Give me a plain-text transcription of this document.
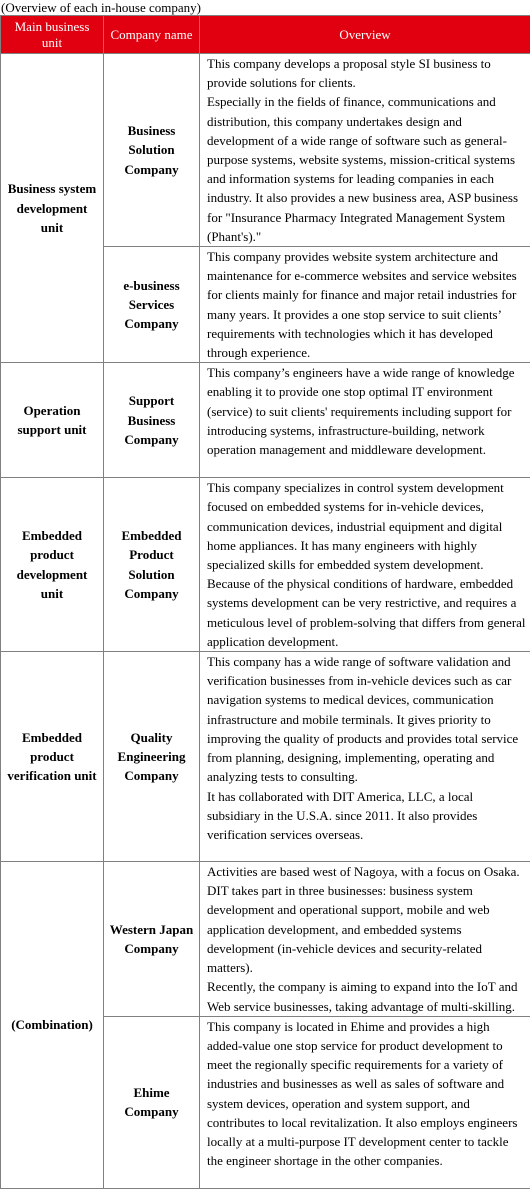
(Overview of each in-house company)
Main business unit	Company name	Overview
Business system development unit	Business Solution Company	This company develops a proposal style SI business to provide solutions for clients.
Especially in the fields of finance, communications and distribution, this company undertakes design and development of a wide range of software such as general-purpose systems, website systems, mission-critical systems and information systems for leading companies in each industry. It also provides a new business area, ASP business for "Insurance Pharmacy Integrated Management System (Phant's)."

	e-business Services Company	This company provides website system architecture and maintenance for e-commerce websites and service websites for clients mainly for finance and major retail industries for many years. It provides a one stop service to suit clients’ requirements with technologies which it has developed through experience.

Operation support unit	Support Business Company	This company’s engineers have a wide range of knowledge enabling it to provide one stop optimal IT environment (service) to suit clients' requirements including support for introducing systems, infrastructure-building, network operation management and middleware development.

Embedded product development unit	Embedded Product Solution Company	This company specializes in control system development focused on embedded systems for in-vehicle devices, communication devices, industrial equipment and digital home appliances. It has many engineers with highly specialized skills for embedded system development.
Because of the physical conditions of hardware, embedded systems development can be very restrictive, and requires a meticulous level of problem-solving that differs from general application development.

Embedded product verification unit	Quality Engineering Company	This company has a wide range of software validation and verification businesses from in-vehicle devices such as car navigation systems to medical devices, communication infrastructure and mobile terminals. It gives priority to improving the quality of products and provides total service from planning, designing, implementing, operating and analyzing tests to consulting.
It has collaborated with DIT America, LLC, a local subsidiary in the U.S.A. since 2011. It also provides verification services overseas.

(Combination)	Western Japan Company	Activities are based west of Nagoya, with a focus on Osaka. DIT takes part in three businesses: business system development and operational support, mobile and web application development, and embedded systems development (in-vehicle devices and security-related matters).
Recently, the company is aiming to expand into the IoT and Web service businesses, taking advantage of multi-skilling.

	Ehime Company	This company is located in Ehime and provides a high added-value one stop service for product development to meet the regionally specific requirements for a variety of industries and businesses as well as sales of software and system devices, operation and system support, and contributes to local revitalization. It also employs engineers locally at a multi-purpose IT development center to tackle the engineer shortage in the other companies.
